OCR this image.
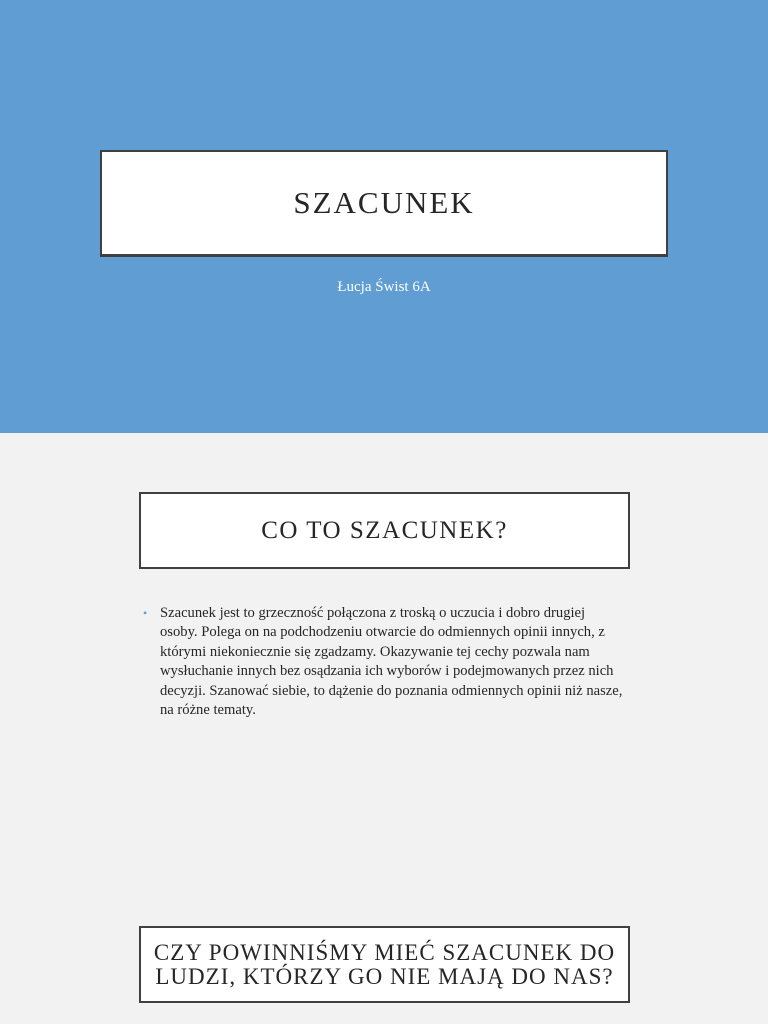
SZACUNEK
Łucja Świst 6A
CO TO SZACUNEK?
• Szacunek jest to grzeczność połączona z troską o uczucia i dobro drugiej osoby. Polega on na podchodzeniu otwarcie do odmiennych opinii innych, z którymi niekoniecznie się zgadzamy. Okazywanie tej cechy pozwala nam wysłuchanie innych bez osądzania ich wyborów i podejmowanych przez nich decyzji. Szanować siebie, to dążenie do poznania odmiennych opinii niż nasze, na różne tematy.
CZY POWINNIŚMY MIEĆ SZACUNEK DO LUDZI, KTÓRZY GO NIE MAJĄ DO NAS?
